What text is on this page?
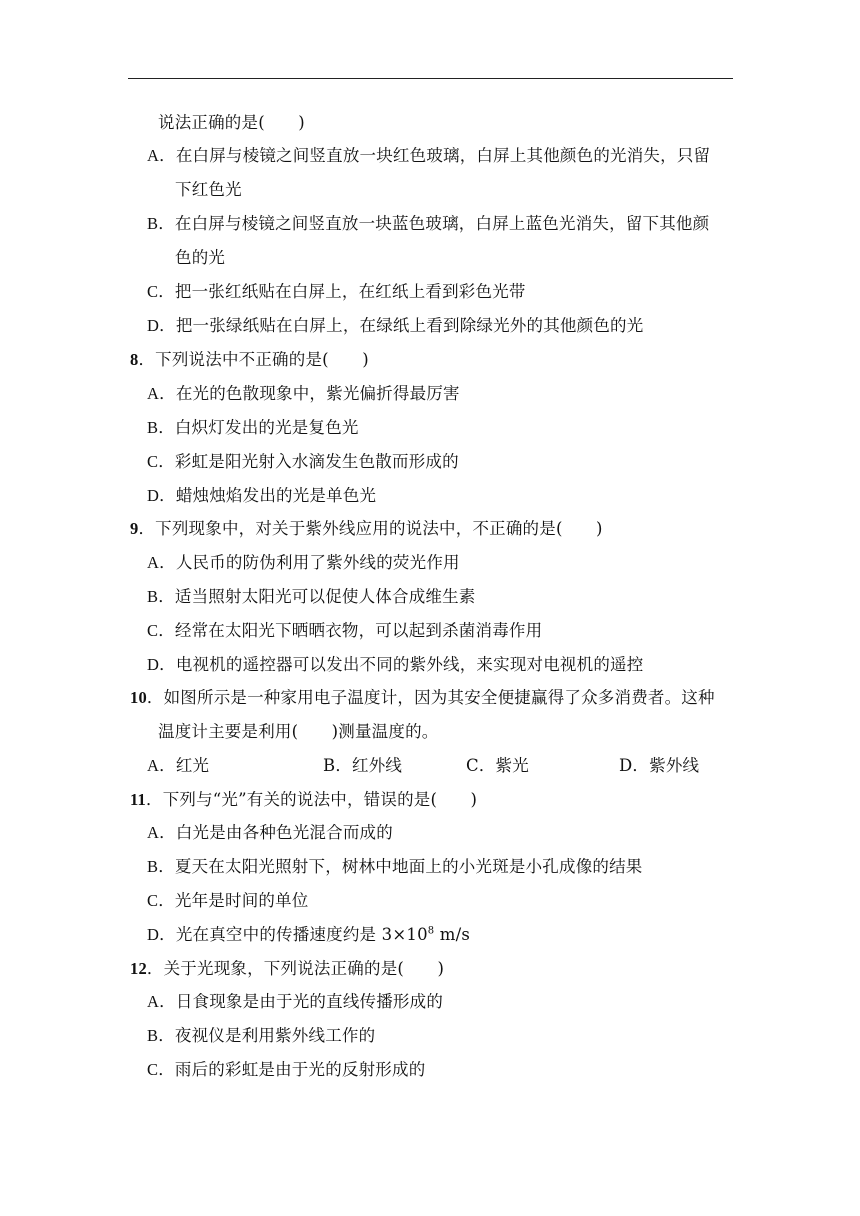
说法正确的是(　　)
A．在白屏与棱镜之间竖直放一块红色玻璃，白屏上其他颜色的光消失，只留
下红色光
B．在白屏与棱镜之间竖直放一块蓝色玻璃，白屏上蓝色光消失，留下其他颜
色的光
C．把一张红纸贴在白屏上，在红纸上看到彩色光带
D．把一张绿纸贴在白屏上，在绿纸上看到除绿光外的其他颜色的光
8．下列说法中不正确的是(　　)
A．在光的色散现象中，紫光偏折得最厉害
B．白炽灯发出的光是复色光
C．彩虹是阳光射入水滴发生色散而形成的
D．蜡烛烛焰发出的光是单色光
9．下列现象中，对关于紫外线应用的说法中，不正确的是(　　)
A．人民币的防伪利用了紫外线的荧光作用
B．适当照射太阳光可以促使人体合成维生素
C．经常在太阳光下晒晒衣物，可以起到杀菌消毒作用
D．电视机的遥控器可以发出不同的紫外线，来实现对电视机的遥控
10．如图所示是一种家用电子温度计，因为其安全便捷赢得了众多消费者。这种
温度计主要是利用(　　)测量温度的。
A．红光	B．红外线	C．紫光	D．紫外线
11．下列与“光”有关的说法中，错误的是(　　)
A．白光是由各种色光混合而成的
B．夏天在太阳光照射下，树林中地面上的小光斑是小孔成像的结果
C．光年是时间的单位
D．光在真空中的传播速度约是 $3\times 10^8$ m/s
12．关于光现象，下列说法正确的是(　　)
A．日食现象是由于光的直线传播形成的
B．夜视仪是利用紫外线工作的
C．雨后的彩虹是由于光的反射形成的
